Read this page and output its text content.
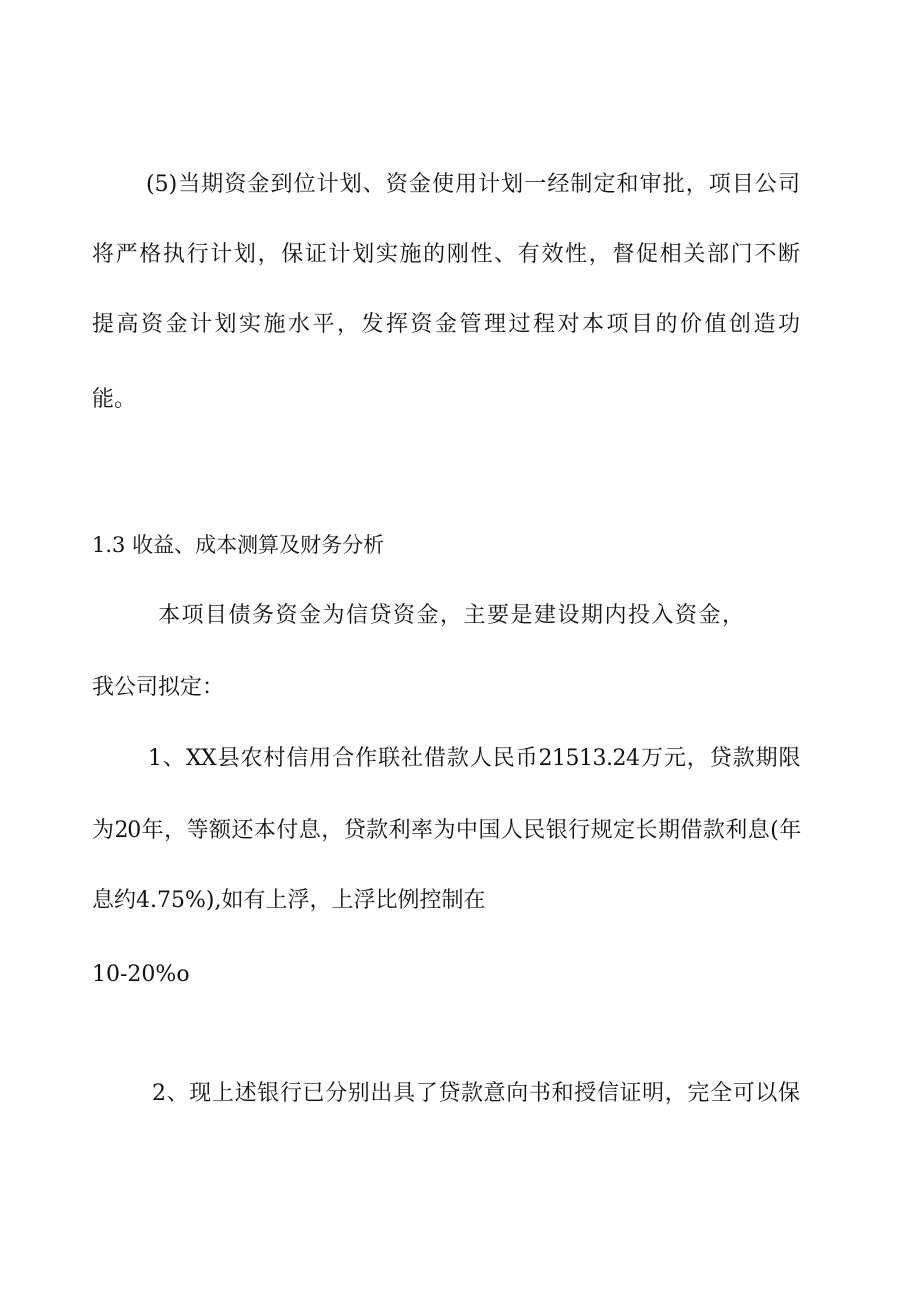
(5)当期资金到位计划、资金使用计划一经制定和审批，项目公司
将严格执行计划，保证计划实施的刚性、有效性，督促相关部门不断
提高资金计划实施水平，发挥资金管理过程对本项目的价值创造功
能。
1.3 收益、成本测算及财务分析
本项目债务资金为信贷资金，主要是建设期内投入资金，
我公司拟定：
1、XX县农村信用合作联社借款人民币21513.24万元，贷款期限
为20年，等额还本付息，贷款利率为中国人民银行规定长期借款利息(年
息约4.75%),如有上浮，上浮比例控制在
10-20%o
2、现上述银行已分别出具了贷款意向书和授信证明，完全可以保
